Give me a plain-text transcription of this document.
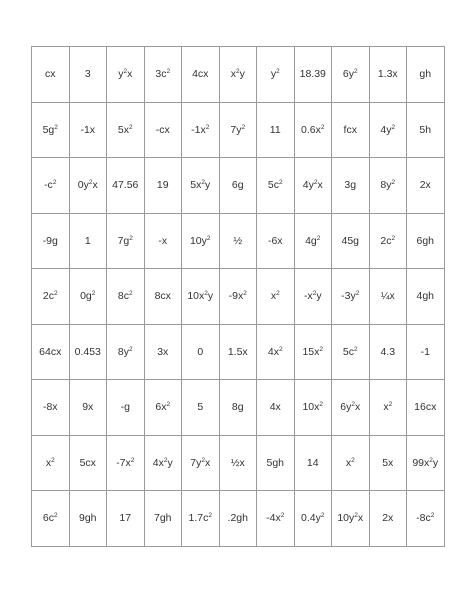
cx	3	$y^2x$	$3c^2$	4cx	$x^2y$	$y^2$	18.39	$6y^2$	1.3x	gh
$5g^2$	-1x	$5x^2$	-cx	$-1x^2$	$7y^2$	11	$0.6x^2$	fcx	$4y^2$	5h
$-c^2$	$0y^2x$	47.56	19	$5x^2y$	6g	$5c^2$	$4y^2x$	3g	$8y^2$	2x
-9g	1	$7g^2$	-x	$10y^2$	½	-6x	$4g^2$	45g	$2c^2$	6gh
$2c^2$	$0g^2$	$8c^2$	8cx	$10x^2y$	$-9x^2$	$x^2$	$-x^2y$	$-3y^2$	¼x	4gh
64cx	0.453	$8y^2$	3x	0	1.5x	$4x^2$	$15x^2$	$5c^2$	4.3	-1
-8x	9x	-g	$6x^2$	5	8g	4x	$10x^2$	$6y^2x$	$x^2$	16cx
$x^2$	5cx	$-7x^2$	$4x^2y$	$7y^2x$	½x	5gh	14	$x^2$	5x	$99x^2y$
$6c^2$	9gh	17	7gh	$1.7c^2$	.2gh	$-4x^2$	$0.4y^2$	$10y^2x$	2x	$-8c^2$
